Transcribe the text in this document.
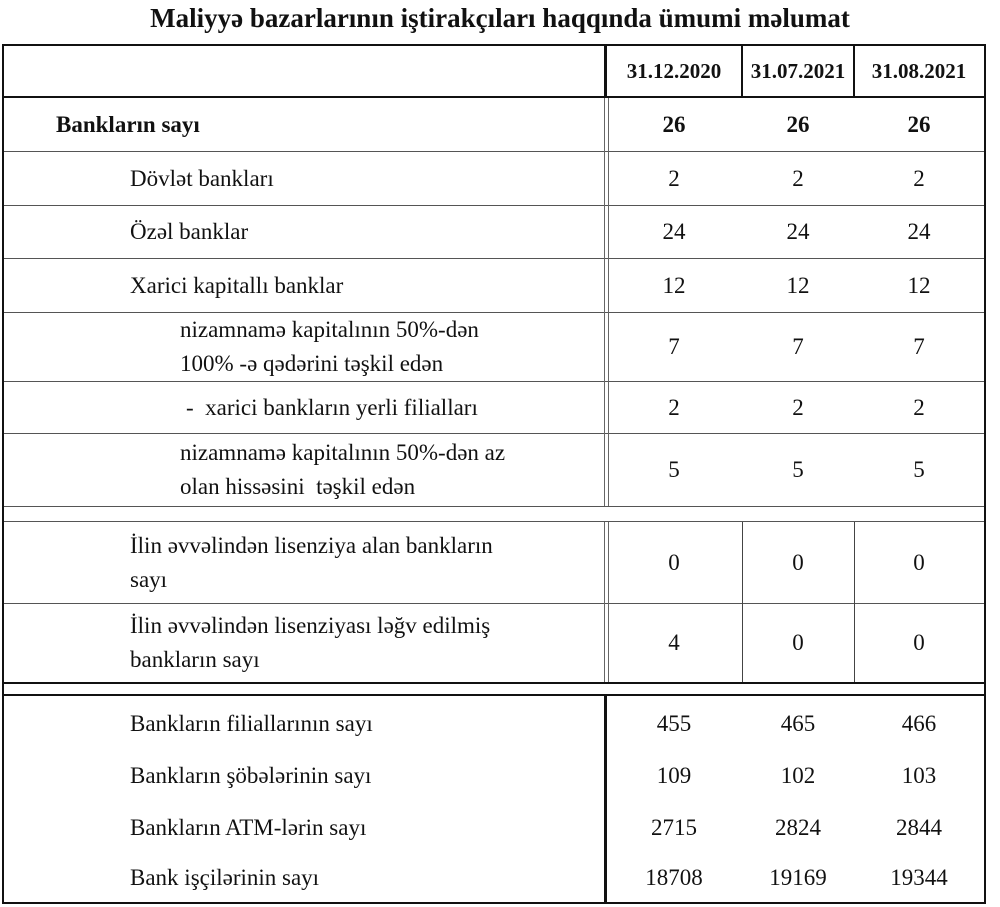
Maliyyə bazarlarının iştirakçıları haqqında ümumi məlumat
31.12.2020	31.07.2021	31.08.2021
Bankların sayı	26	26	26
Dövlət bankları	2	2	2
Özəl banklar	24	24	24
Xarici kapitallı banklar	12	12	12
nizamnamə kapitalının 50%-dən
100% -ə qədərini təşkil edən
7	7	7
-  xarici bankların yerli filialları	2	2	2
nizamnamə kapitalının 50%-dən az
olan hissəsini  təşkil edən
5	5	5
İlin əvvəlindən lisenziya alan bankların
sayı
0	0	0
İlin əvvəlindən lisenziyası ləğv edilmiş
bankların sayı
4	0	0
Bankların filiallarının sayı	455	465	466
Bankların şöbələrinin sayı	109	102	103
Bankların ATM-lərin sayı	2715	2824	2844
Bank işçilərinin sayı	18708	19169	19344
